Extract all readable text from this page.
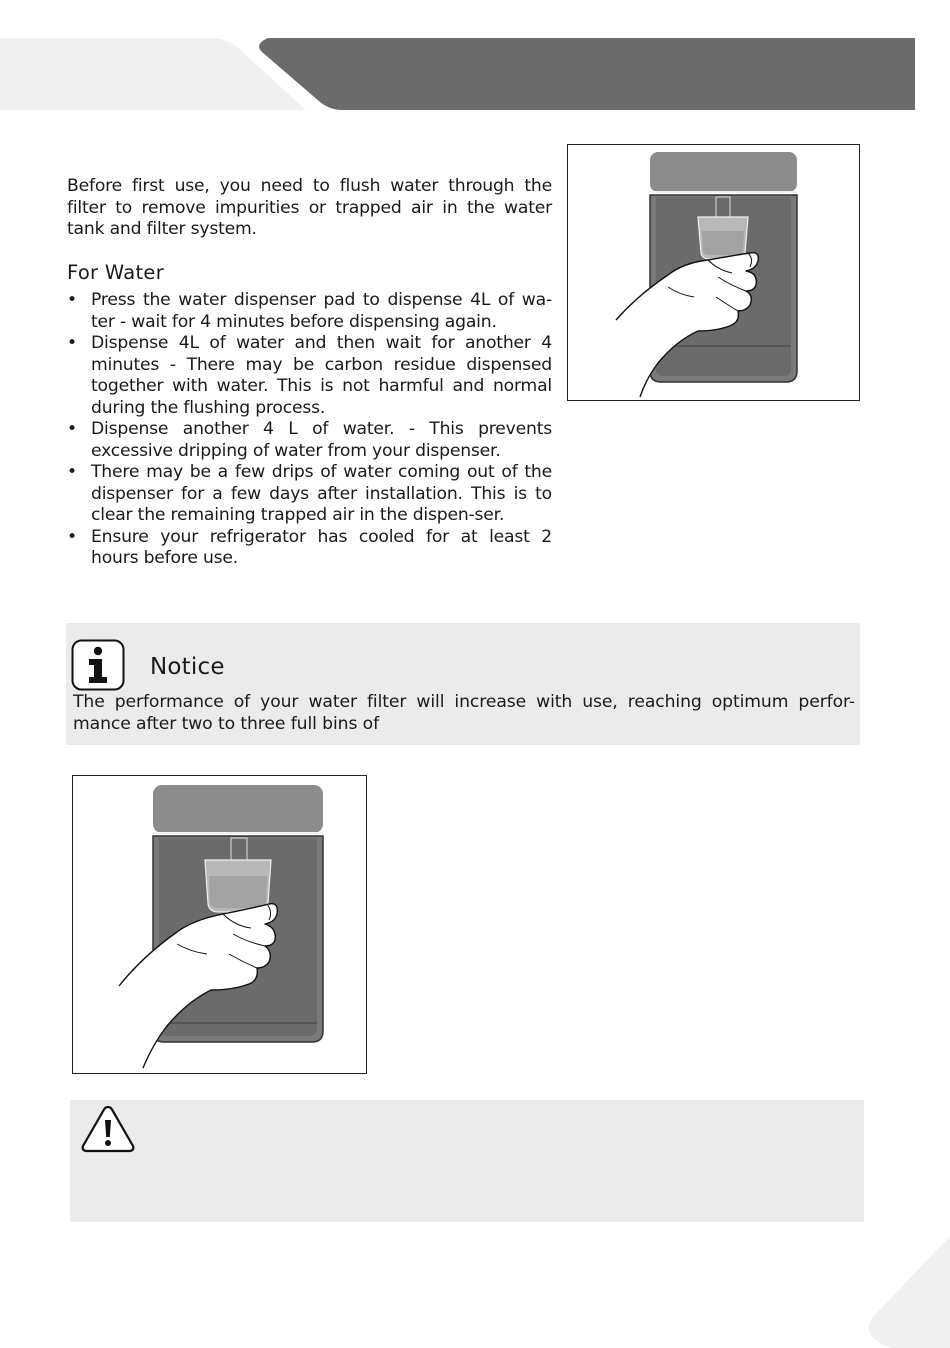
Before first use, you need to flush water through the filter to remove impurities or trapped air in the water tank and filter system.

For Water
• Press the water dispenser pad to dispense 4L of wa-ter - wait for 4 minutes before dispensing again.
• Dispense 4L of water and then wait for another 4 minutes - There may be carbon residue dispensed together with water. This is not harmful and normal during the flushing process.
• Dispense another 4 L of water. - This prevents excessive dripping of water from your dispenser.
• There may be a few drips of water coming out of the dispenser for a few days after installation. This is to clear the remaining trapped air in the dispen-ser.
• Ensure your refrigerator has cooled for at least 2 hours before use.
Notice

The performance of your water filter will increase with use, reaching optimum perfor-mance after two to three full bins of
